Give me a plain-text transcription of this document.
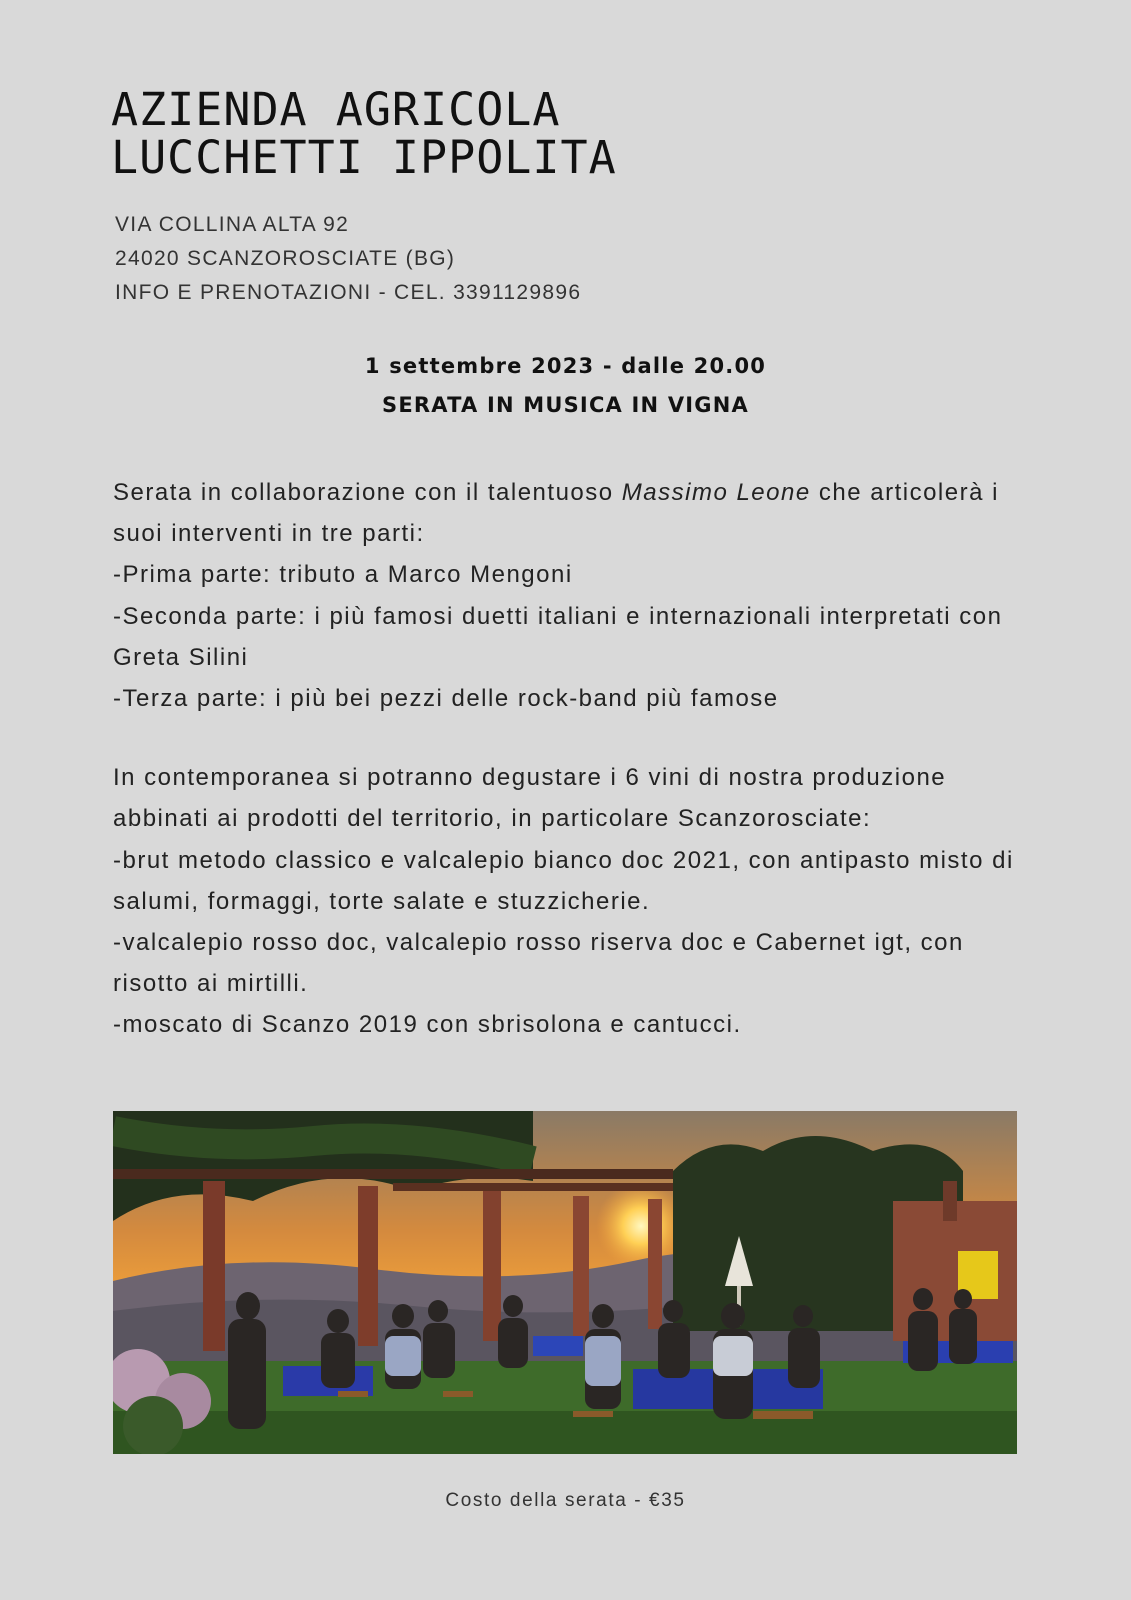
AZIENDA AGRICOLA
LUCCHETTI IPPOLITA
VIA COLLINA ALTA 92
24020 SCANZOROSCIATE (BG)
INFO E PRENOTAZIONI - CEL. 3391129896
1 settembre 2023 - dalle 20.00
SERATA IN MUSICA IN VIGNA

Serata in collaborazione con il talentuoso Massimo Leone che articolerà i suoi interventi in tre parti:

-Prima parte: tributo a Marco Mengoni

-Seconda parte: i più famosi duetti italiani e internazionali interpretati con Greta Silini

-Terza parte: i più bei pezzi delle rock-band più famose

In contemporanea si potranno degustare i 6 vini di nostra produzione abbinati ai prodotti del territorio, in particolare Scanzorosciate:

-brut metodo classico e valcalepio bianco doc 2021, con antipasto misto di salumi, formaggi, torte salate e stuzzicherie.

-valcalepio rosso doc, valcalepio rosso riserva doc e Cabernet igt, con risotto ai mirtilli.

-moscato di Scanzo 2019 con sbrisolona e cantucci.

Costo della serata - €35
